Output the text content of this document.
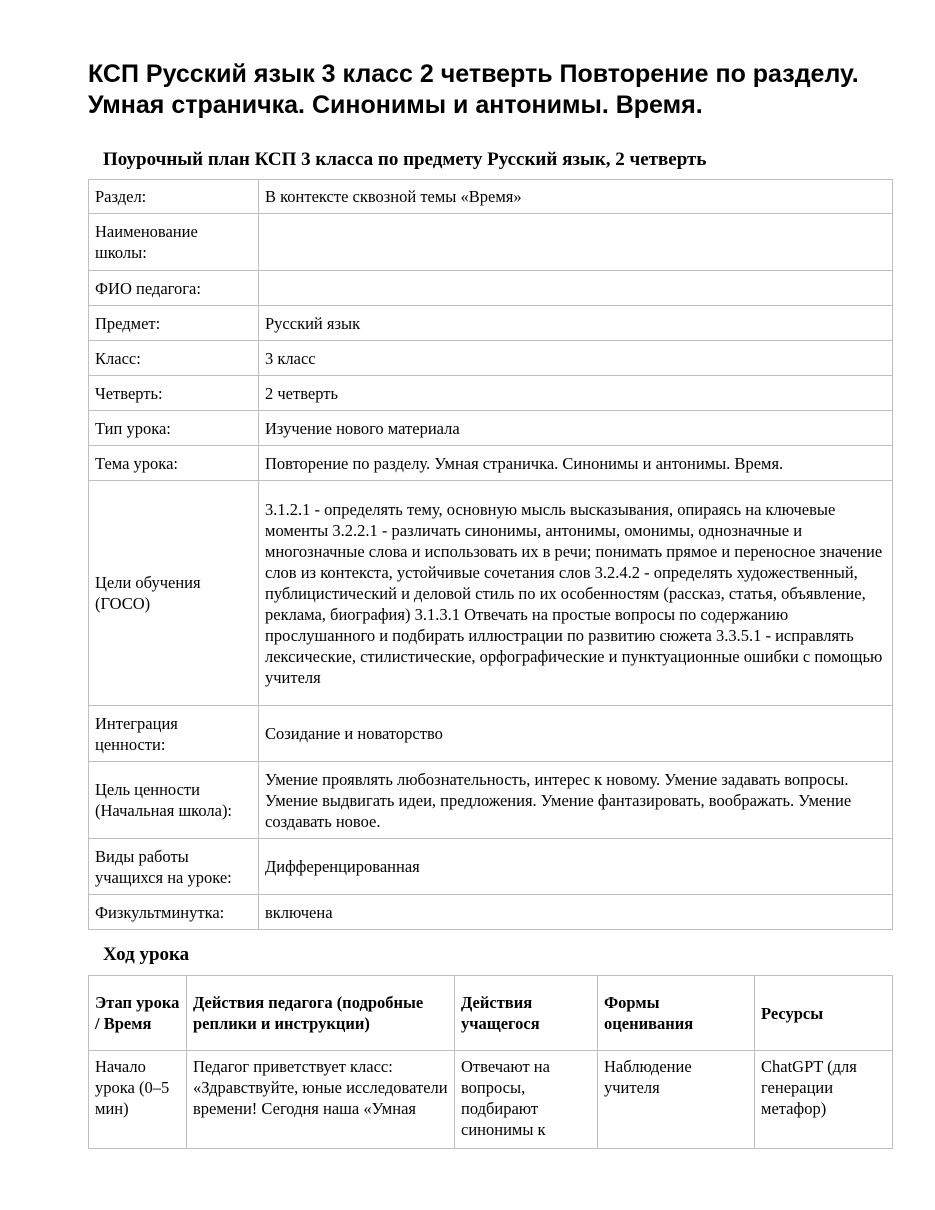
КСП Русский язык 3 класс 2 четверть Повторение по разделу. Умная страничка. Синонимы и антонимы. Время.
Поурочный план КСП 3 класса по предмету Русский язык, 2 четверть
Раздел:	В контексте сквозной темы «Время»
Наименование школы:	
ФИО педагога:	
Предмет:	Русский язык
Класс:	3 класс
Четверть:	2 четверть
Тип урока:	Изучение нового материала
Тема урока:	Повторение по разделу. Умная страничка. Синонимы и антонимы. Время.
Цели обучения (ГОСО)	3.1.2.1 - определять тему, основную мысль высказывания, опираясь на ключевые моменты 3.2.2.1 - различать синонимы, антонимы, омонимы, однозначные и многозначные слова и использовать их в речи; понимать прямое и переносное значение слов из контекста, устойчивые сочетания слов 3.2.4.2 - определять художественный, публицистический и деловой стиль по их особенностям (рассказ, статья, объявление, реклама, биография) 3.1.3.1 Отвечать на простые вопросы по содержанию прослушанного и подбирать иллюстрации по развитию сюжета 3.3.5.1 - исправлять лексические, стилистические, орфографические и пунктуационные ошибки с помощью учителя
Интеграция ценности:	Созидание и новаторство
Цель ценности (Начальная школа):	Умение проявлять любознательность, интерес к новому. Умение задавать вопросы. Умение выдвигать идеи, предложения. Умение фантазировать, воображать. Умение создавать новое.
Виды работы учащихся на уроке:	Дифференцированная
Физкультминутка:	включена
Ход урока
Этап урока / Время	Действия педагога (подробные реплики и инструкции)	Действия учащегося	Формы оценивания	Ресурсы
Начало урока (0–5 мин)	Педагог приветствует класс: «Здравствуйте, юные исследователи времени! Сегодня наша «Умная	Отвечают на вопросы, подбирают синонимы к	Наблюдение учителя	ChatGPT (для генерации метафор)
